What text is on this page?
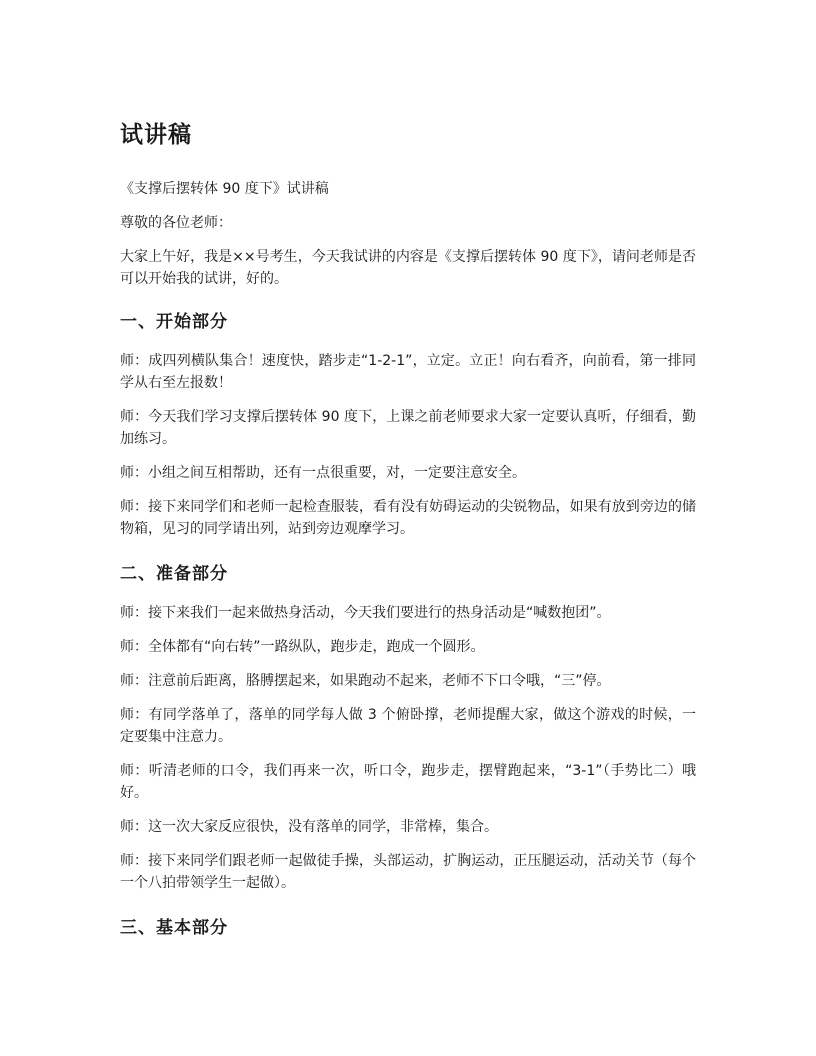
试讲稿

《支撑后摆转体 90 度下》试讲稿

尊敬的各位老师：

大家上午好，我是××号考生，今天我试讲的内容是《支撑后摆转体 90 度下》，请问老师是否可以开始我的试讲，好的。

一、开始部分

师：成四列横队集合！速度快，踏步走“1-2-1”，立定。立正！向右看齐，向前看，第一排同学从右至左报数！

师：今天我们学习支撑后摆转体 90 度下，上课之前老师要求大家一定要认真听，仔细看，勤加练习。

师：小组之间互相帮助，还有一点很重要，对，一定要注意安全。

师：接下来同学们和老师一起检查服装，看有没有妨碍运动的尖锐物品，如果有放到旁边的储物箱，见习的同学请出列，站到旁边观摩学习。

二、准备部分

师：接下来我们一起来做热身活动，今天我们要进行的热身活动是“喊数抱团”。

师：全体都有“向右转”一路纵队，跑步走，跑成一个圆形。

师：注意前后距离，胳膊摆起来，如果跑动不起来，老师不下口令哦，“三”停。

师：有同学落单了，落单的同学每人做 3 个俯卧撑，老师提醒大家，做这个游戏的时候，一定要集中注意力。

师：听清老师的口令，我们再来一次，听口令，跑步走，摆臂跑起来，“3-1”（手势比二）哦好。

师：这一次大家反应很快，没有落单的同学，非常棒，集合。

师：接下来同学们跟老师一起做徒手操，头部运动，扩胸运动，正压腿运动，活动关节（每个一个八拍带领学生一起做）。

三、基本部分
